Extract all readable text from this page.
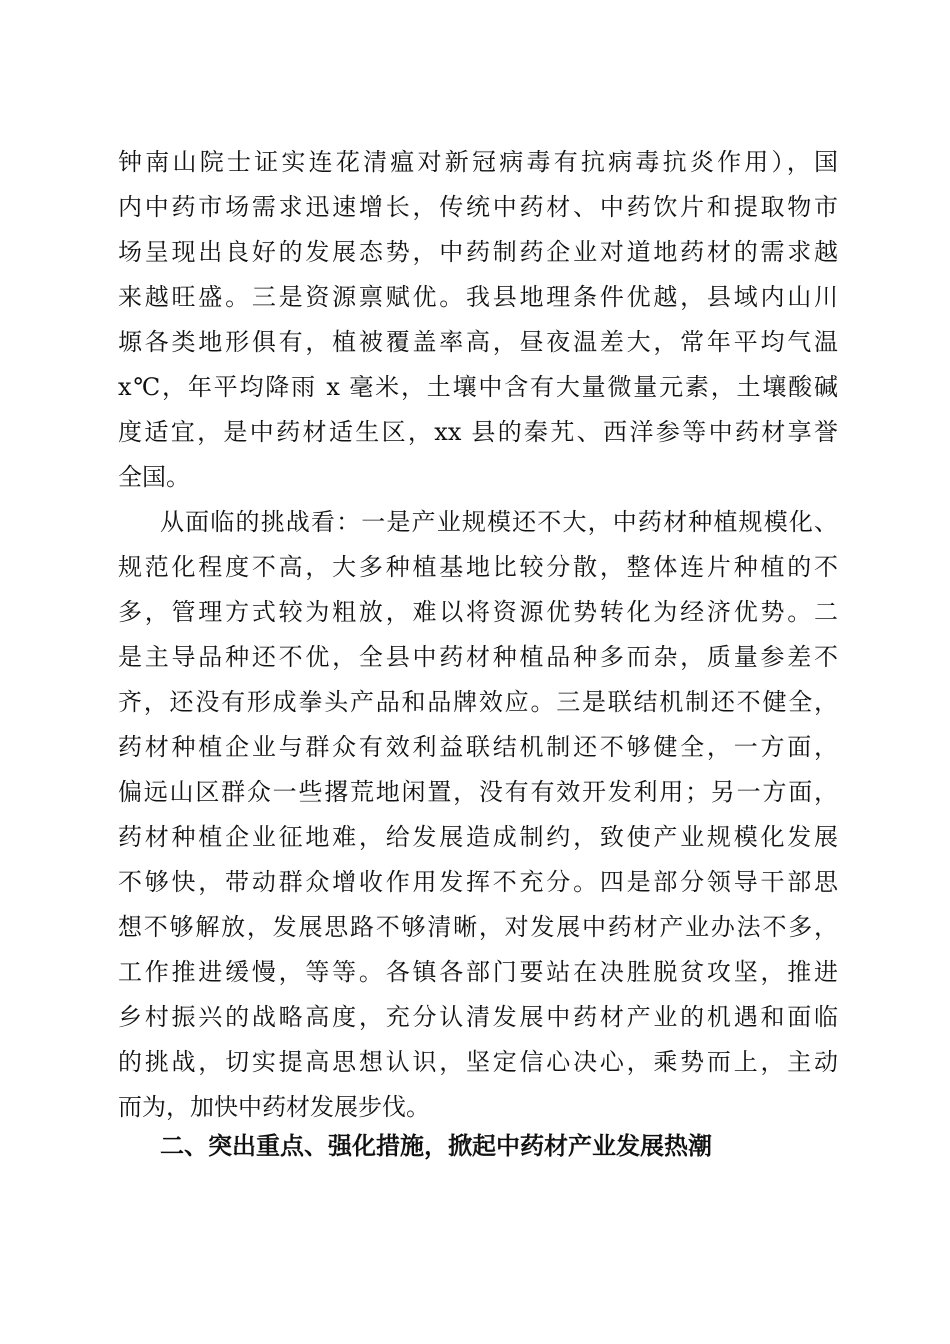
钟南山院士证实连花清瘟对新冠病毒有抗病毒抗炎作用），国
内中药市场需求迅速增长，传统中药材、中药饮片和提取物市
场呈现出良好的发展态势，中药制药企业对道地药材的需求越
来越旺盛。三是资源禀赋优。我县地理条件优越，县域内山川
塬各类地形俱有，植被覆盖率高，昼夜温差大，常年平均气温
x℃，年平均降雨 x 毫米，土壤中含有大量微量元素，土壤酸碱
度适宜，是中药材适生区，xx 县的秦艽、西洋参等中药材享誉
全国。
从面临的挑战看：一是产业规模还不大，中药材种植规模化、
规范化程度不高，大多种植基地比较分散，整体连片种植的不
多，管理方式较为粗放，难以将资源优势转化为经济优势。二
是主导品种还不优，全县中药材种植品种多而杂，质量参差不
齐，还没有形成拳头产品和品牌效应。三是联结机制还不健全，
药材种植企业与群众有效利益联结机制还不够健全，一方面，
偏远山区群众一些撂荒地闲置，没有有效开发利用；另一方面，
药材种植企业征地难，给发展造成制约，致使产业规模化发展
不够快，带动群众增收作用发挥不充分。四是部分领导干部思
想不够解放，发展思路不够清晰，对发展中药材产业办法不多，
工作推进缓慢，等等。各镇各部门要站在决胜脱贫攻坚，推进
乡村振兴的战略高度，充分认清发展中药材产业的机遇和面临
的挑战，切实提高思想认识，坚定信心决心，乘势而上，主动
而为，加快中药材发展步伐。
二、突出重点、强化措施，掀起中药材产业发展热潮
